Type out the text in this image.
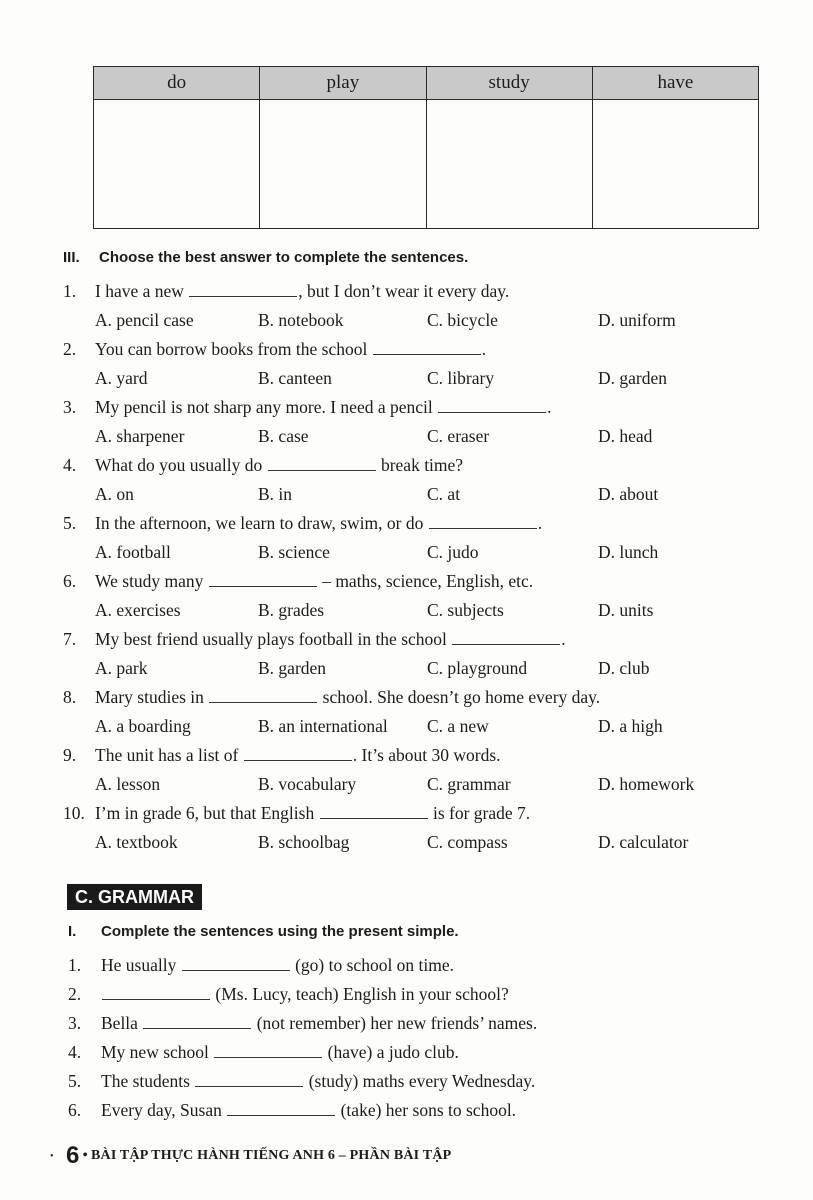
do	play	study	have

III. Choose the best answer to complete the sentences.
1. I have a new	, but I don’t wear it every day.
A. pencil case	B. notebook	C. bicycle	D. uniform
2. You can borrow books from the school	.
A. yard	B. canteen	C. library	D. garden
3. My pencil is not sharp any more. I need a pencil	.
A. sharpener	B. case	C. eraser	D. head
4. What do you usually do	break time?
A. on	B. in	C. at	D. about
5. In the afternoon, we learn to draw, swim, or do	.
A. football	B. science	C. judo	D. lunch
6. We study many	– maths, science, English, etc.
A. exercises	B. grades	C. subjects	D. units
7. My best friend usually plays football in the school	.
A. park	B. garden	C. playground	D. club
8. Mary studies in	school. She doesn’t go home every day.
A. a boarding	B. an international C. a new	D. a high
9. The unit has a list of	. It’s about 30 words.
A. lesson	B. vocabulary	C. grammar	D. homework
10. I’m in grade 6, but that English	is for grade 7.
A. textbook	B. schoolbag	C. compass	D. calculator
C. GRAMMAR
I. Complete the sentences using the present simple.
1. He usually	(go) to school on time.
2.	(Ms. Lucy, teach) English in your school?
3. Bella	(not remember) her new friends’ names.
4. My new school	(have) a judo club.
5. The students	(study) maths every Wednesday.
6. Every day, Susan	(take) her sons to school.
• 6 • BÀI TẬP THỰC HÀNH TIẾNG ANH 6 – PHẦN BÀI TẬP
